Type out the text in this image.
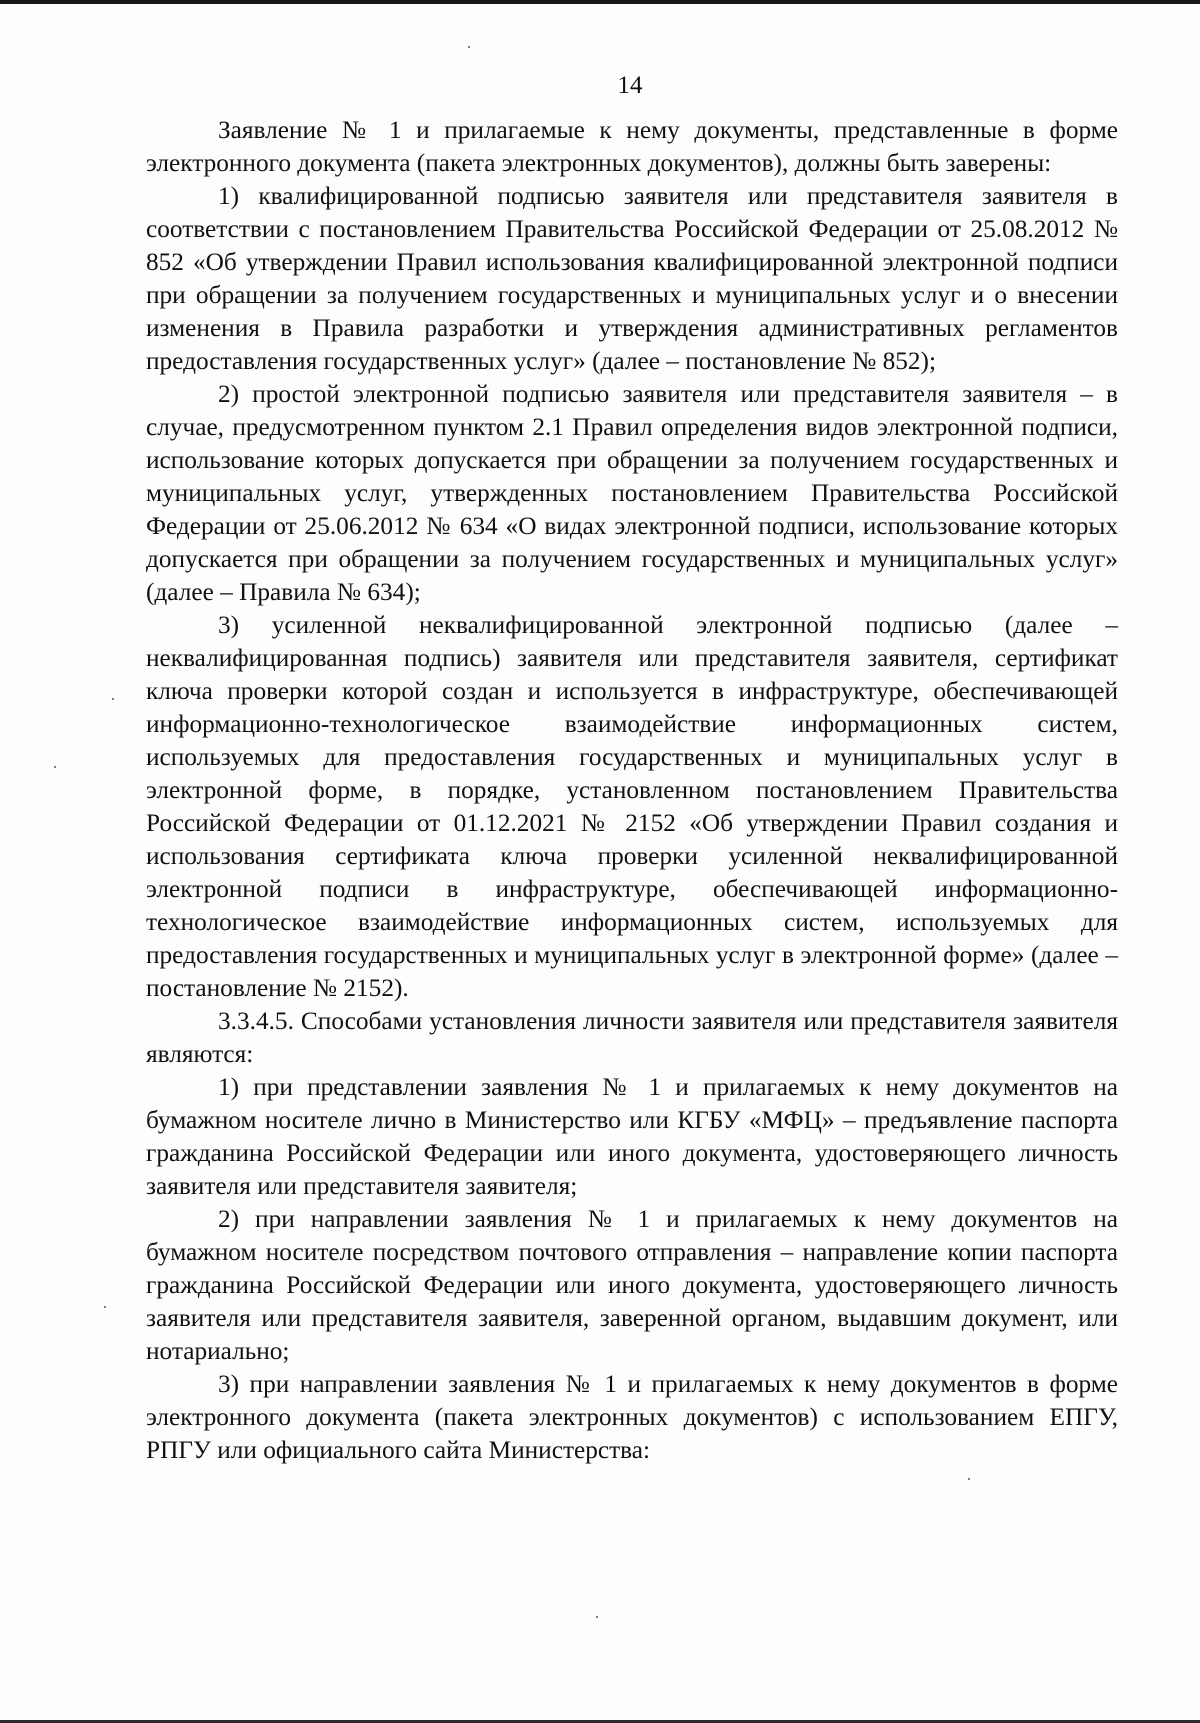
14

Заявление № 1 и прилагаемые к нему документы, представленные в форме электронного документа (пакета электронных документов), должны быть заверены:

1) квалифицированной подписью заявителя или представителя заявителя в соответствии с постановлением Правительства Российской Федерации от 25.08.2012 № 852 «Об утверждении Правил использования квалифицированной электронной подписи при обращении за получением государственных и муниципальных услуг и о внесении изменения в Правила разработки и утверждения административных регламентов предоставления государственных услуг» (далее – постановление № 852);

2) простой электронной подписью заявителя или представителя заявителя – в случае, предусмотренном пунктом 2.1 Правил определения видов электронной подписи, использование которых допускается при обращении за получением государственных и муниципальных услуг, утвержденных постановлением Правительства Российской Федерации от 25.06.2012 № 634 «О видах электронной подписи, использование которых допускается при обращении за получением государственных и муниципальных услуг» (далее – Правила № 634);

3) усиленной неквалифицированной электронной подписью (далее – неквалифицированная подпись) заявителя или представителя заявителя, сертификат ключа проверки которой создан и используется в инфраструктуре, обеспечивающей информационно-технологическое взаимодействие информационных систем, используемых для предоставления государственных и муниципальных услуг в электронной форме, в порядке, установленном постановлением Правительства Российской Федерации от 01.12.2021 № 2152 «Об утверждении Правил создания и использования сертификата ключа проверки усиленной неквалифицированной электронной подписи в инфраструктуре, обеспечивающей информационно-технологическое взаимодействие информационных систем, используемых для предоставления государственных и муниципальных услуг в электронной форме» (далее – постановление № 2152).

3.3.4.5. Способами установления личности заявителя или представителя заявителя являются:

1) при представлении заявления № 1 и прилагаемых к нему документов на бумажном носителе лично в Министерство или КГБУ «МФЦ» – предъявление паспорта гражданина Российской Федерации или иного документа, удостоверяющего личность заявителя или представителя заявителя;

2) при направлении заявления № 1 и прилагаемых к нему документов на бумажном носителе посредством почтового отправления – направление копии паспорта гражданина Российской Федерации или иного документа, удостоверяющего личность заявителя или представителя заявителя, заверенной органом, выдавшим документ, или нотариально;

3) при направлении заявления № 1 и прилагаемых к нему документов в форме электронного документа (пакета электронных документов) с использованием ЕПГУ, РПГУ или официального сайта Министерства:
